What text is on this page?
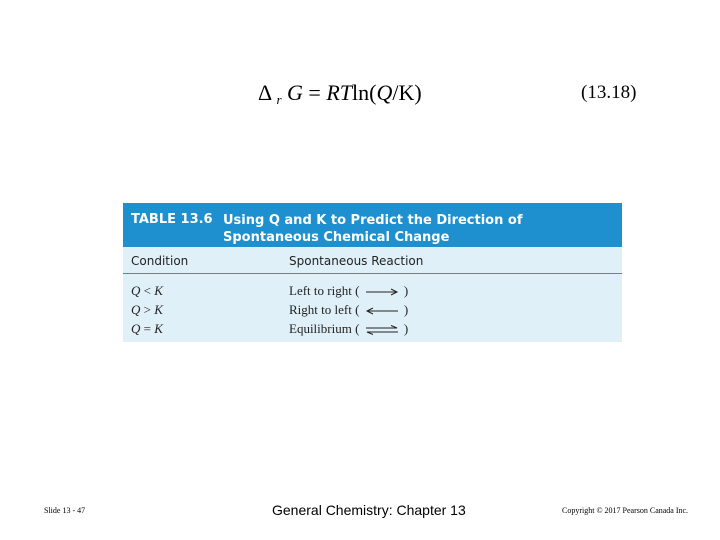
Δ $_r$ G = RTln(Q/K)	(13.18)
TABLE 13.6 Using Q and K to Predict the Direction of Spontaneous Chemical Change
Condition	Spontaneous Reaction
Q < K	Left to right (	)
Q > K	Right to left (	)
Q = K	Equilibrium ( ⇌ )
Slide 13 - 47	General Chemistry: Chapter 13	Copyright © 2017 Pearson Canada Inc.
